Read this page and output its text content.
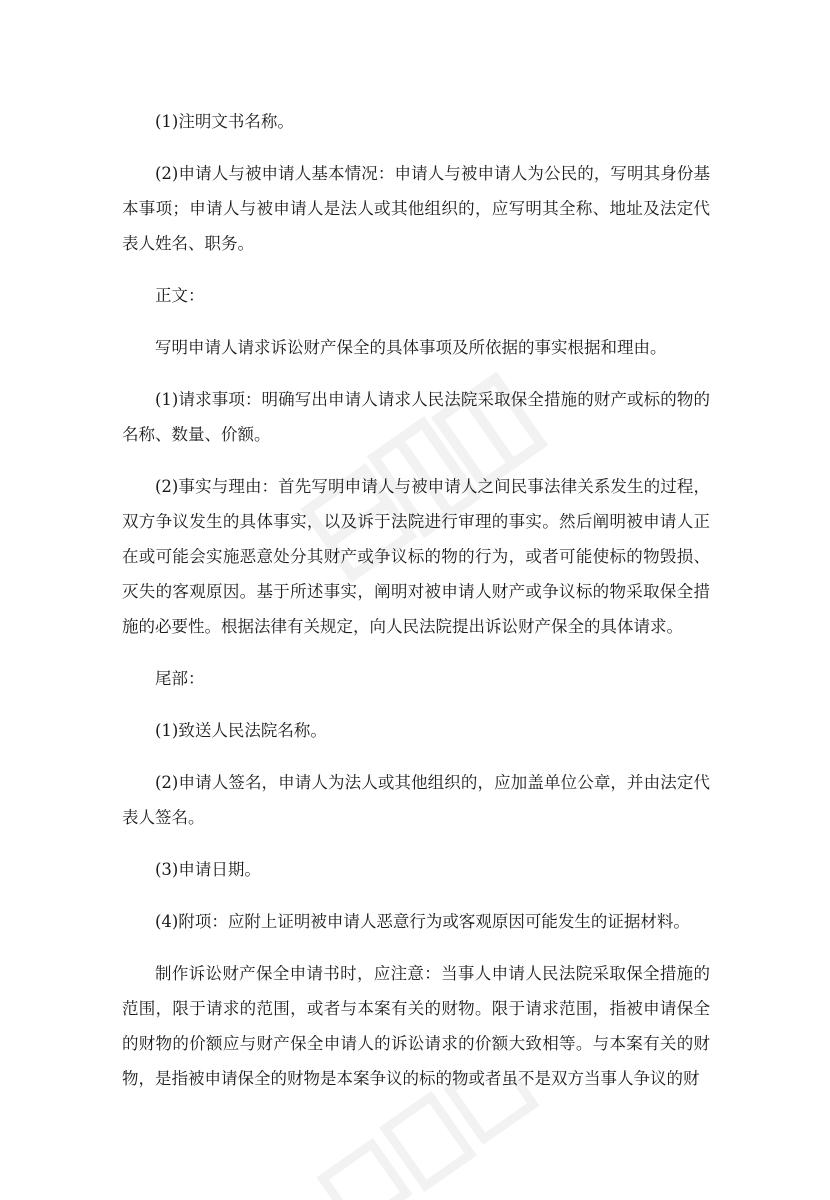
(1)注明文书名称。

(2)申请人与被申请人基本情况：申请人与被申请人为公民的，写明其身份基本事项；申请人与被申请人是法人或其他组织的，应写明其全称、地址及法定代表人姓名、职务。

正文：

写明申请人请求诉讼财产保全的具体事项及所依据的事实根据和理由。

(1)请求事项：明确写出申请人请求人民法院采取保全措施的财产或标的物的名称、数量、价额。

(2)事实与理由：首先写明申请人与被申请人之间民事法律关系发生的过程，双方争议发生的具体事实，以及诉于法院进行审理的事实。然后阐明被申请人正在或可能会实施恶意处分其财产或争议标的物的行为，或者可能使标的物毁损、灭失的客观原因。基于所述事实，阐明对被申请人财产或争议标的物采取保全措施的必要性。根据法律有关规定，向人民法院提出诉讼财产保全的具体请求。

尾部：

(1)致送人民法院名称。

(2)申请人签名，申请人为法人或其他组织的，应加盖单位公章，并由法定代表人签名。

(3)申请日期。

(4)附项：应附上证明被申请人恶意行为或客观原因可能发生的证据材料。

制作诉讼财产保全申请书时，应注意：当事人申请人民法院采取保全措施的范围，限于请求的范围，或者与本案有关的财物。限于请求范围，指被申请保全的财物的价额应与财产保全申请人的诉讼请求的价额大致相等。与本案有关的财物，是指被申请保全的财物是本案争议的标的物或者虽不是双方当事人争议的财
